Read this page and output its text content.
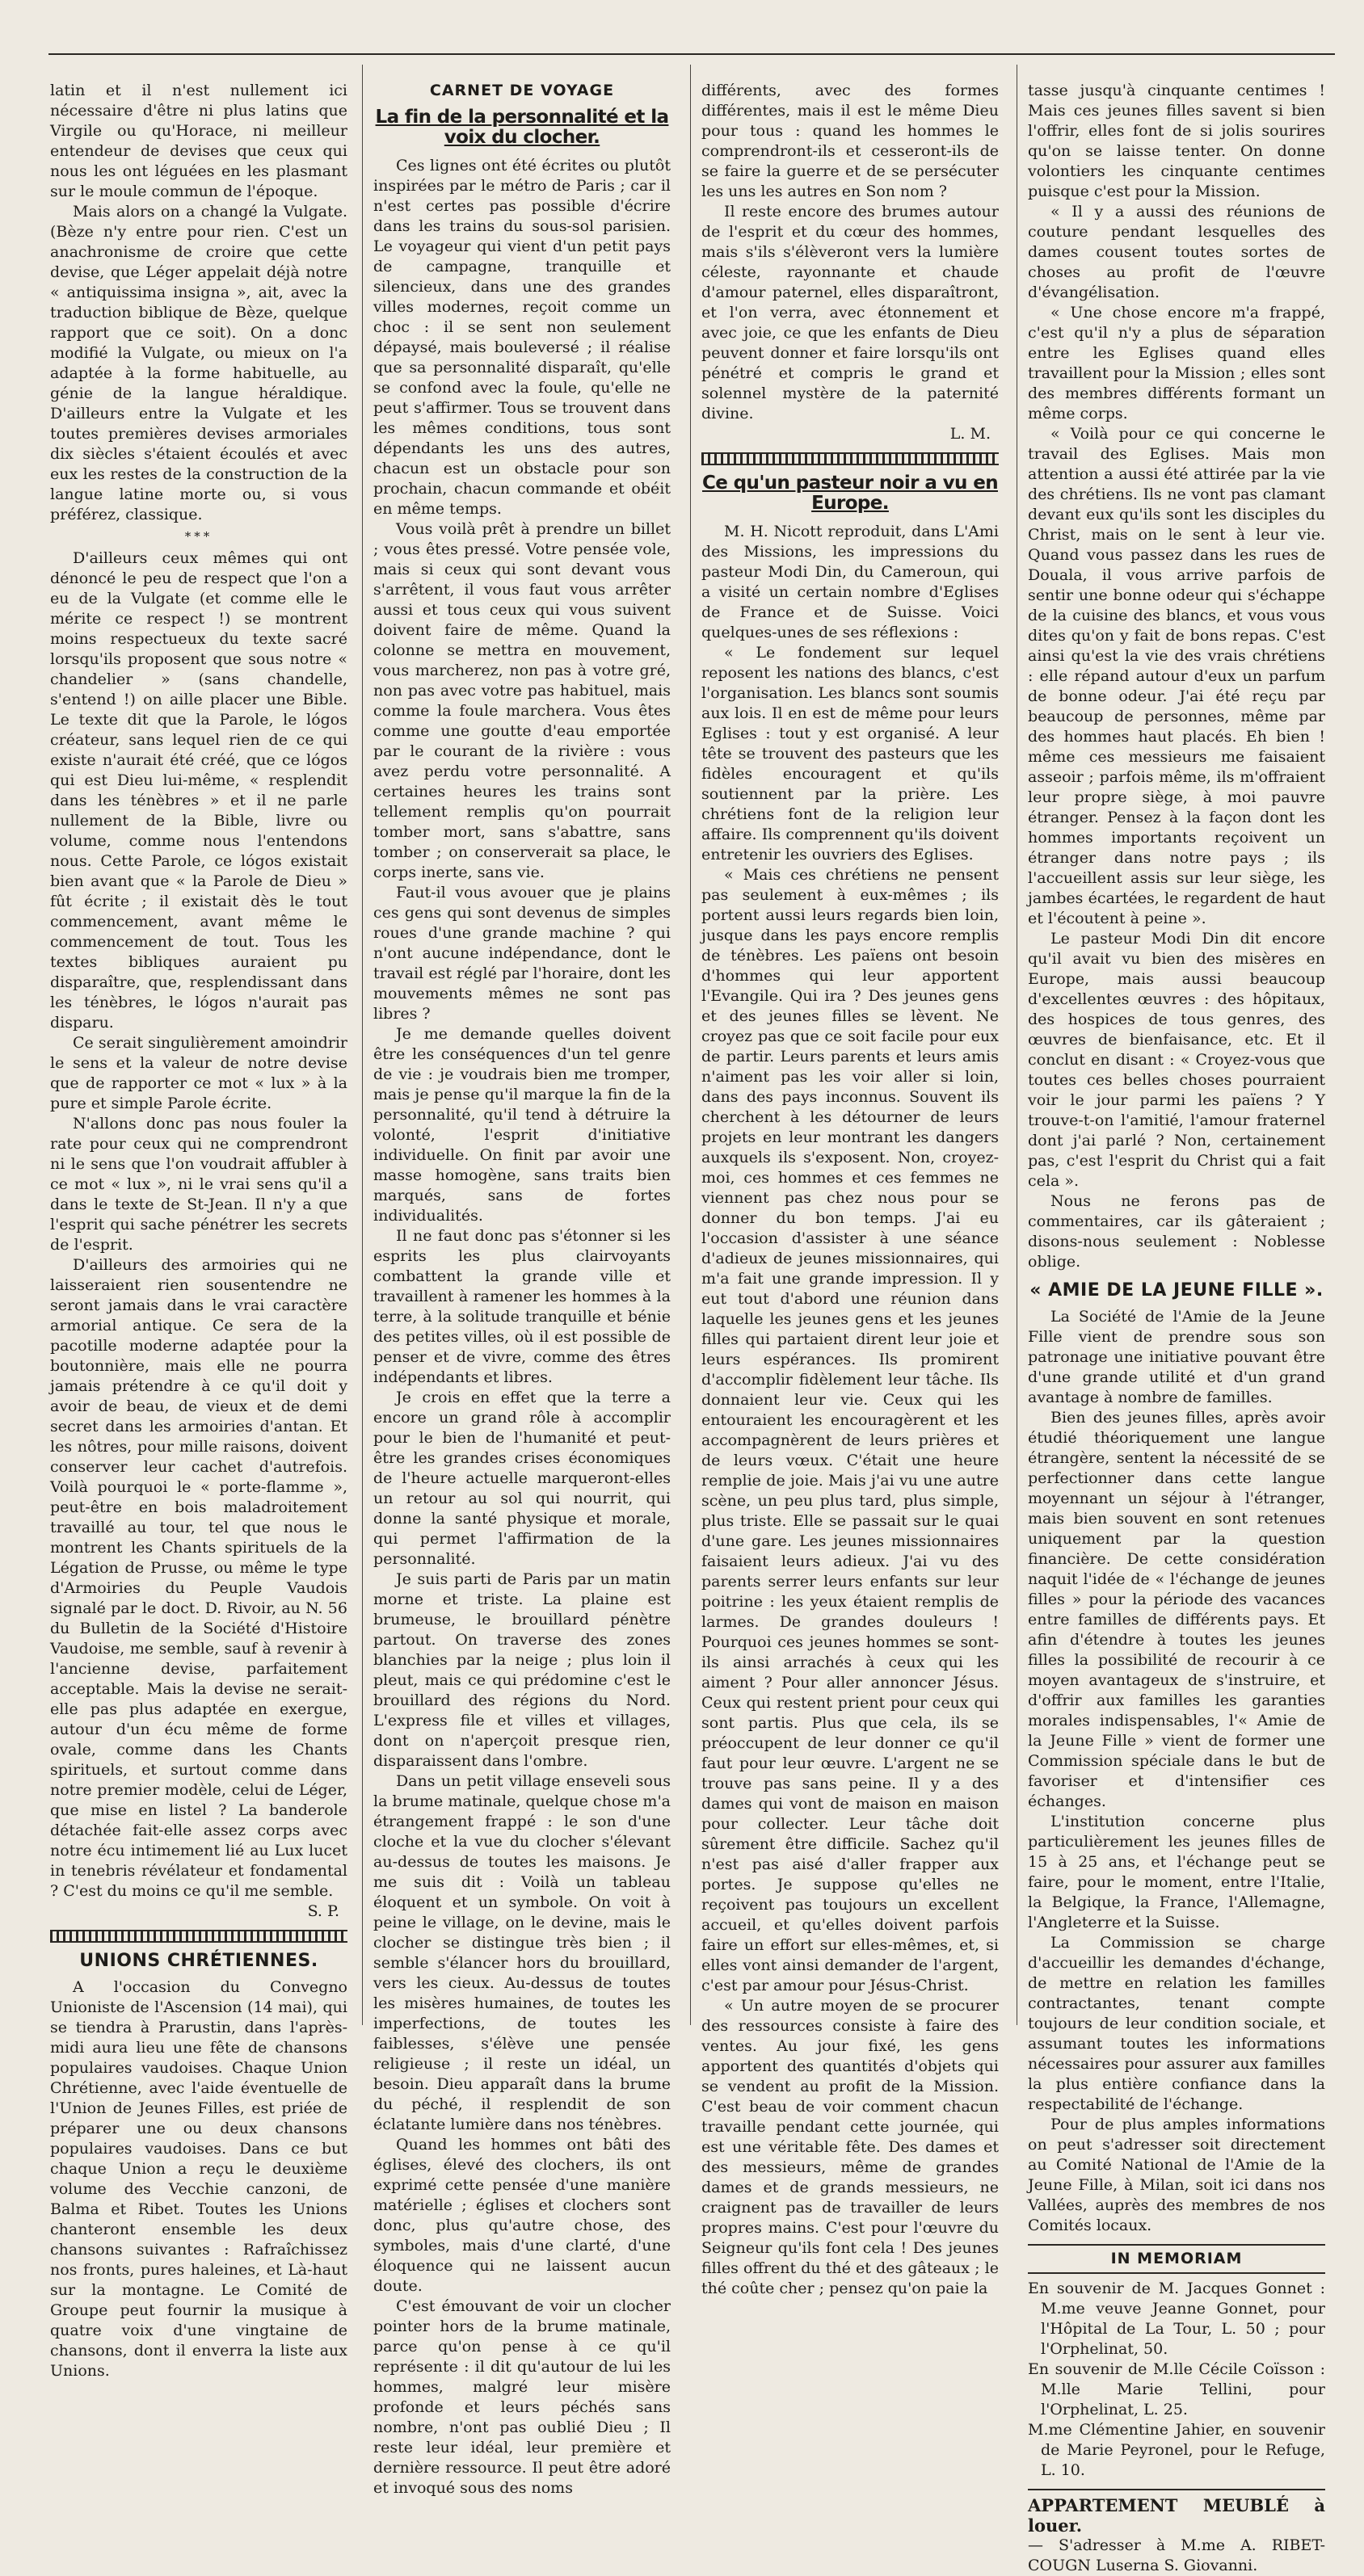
latin et il n'est nullement ici nécessaire d'être ni plus latins que Virgile ou qu'Horace, ni meilleur entendeur de devises que ceux qui nous les ont léguées en les plasmant sur le moule commun de l'époque.

Mais alors on a changé la Vulgate. (Bèze n'y entre pour rien. C'est un anachronisme de croire que cette devise, que Léger appelait déjà notre « antiquissima insigna », ait, avec la traduction biblique de Bèze, quelque rapport que ce soit). On a donc modifié la Vulgate, ou mieux on l'a adaptée à la forme habituelle, au génie de la langue héraldique. D'ailleurs entre la Vulgate et les toutes premières devises armoriales dix siècles s'étaient écoulés et avec eux les restes de la construction de la langue latine morte ou, si vous préférez, classique.

***

D'ailleurs ceux mêmes qui ont dénoncé le peu de respect que l'on a eu de la Vulgate (et comme elle le mérite ce respect !) se montrent moins respectueux du texte sacré lorsqu'ils proposent que sous notre « chandelier » (sans chandelle, s'entend !) on aille placer une Bible. Le texte dit que la Parole, le lógos créateur, sans lequel rien de ce qui existe n'aurait été créé, que ce lógos qui est Dieu lui-même, « resplendit dans les ténèbres » et il ne parle nullement de la Bible, livre ou volume, comme nous l'entendons nous. Cette Parole, ce lógos existait bien avant que « la Parole de Dieu » fût écrite ; il existait dès le tout commencement, avant même le commencement de tout. Tous les textes bibliques auraient pu disparaître, que, resplendissant dans les ténèbres, le lógos n'aurait pas disparu.

Ce serait singulièrement amoindrir le sens et la valeur de notre devise que de rapporter ce mot « lux » à la pure et simple Parole écrite.

N'allons donc pas nous fouler la rate pour ceux qui ne comprendront ni le sens que l'on voudrait affubler à ce mot « lux », ni le vrai sens qu'il a dans le texte de St-Jean. Il n'y a que l'esprit qui sache pénétrer les secrets de l'esprit.

D'ailleurs des armoiries qui ne laisseraient rien sousentendre ne seront jamais dans le vrai caractère armorial antique. Ce sera de la pacotille moderne adaptée pour la boutonnière, mais elle ne pourra jamais prétendre à ce qu'il doit y avoir de beau, de vieux et de demi secret dans les armoiries d'antan. Et les nôtres, pour mille raisons, doivent conserver leur cachet d'autrefois. Voilà pourquoi le « porte-flamme », peut-être en bois maladroitement travaillé au tour, tel que nous le montrent les Chants spirituels de la Légation de Prusse, ou même le type d'Armoiries du Peuple Vaudois signalé par le doct. D. Rivoir, au N. 56 du Bulletin de la Société d'Histoire Vaudoise, me semble, sauf à revenir à l'ancienne devise, parfaitement acceptable. Mais la devise ne serait-elle pas plus adaptée en exergue, autour d'un écu même de forme ovale, comme dans les Chants spirituels, et surtout comme dans notre premier modèle, celui de Léger, que mise en listel ? La banderole détachée fait-elle assez corps avec notre écu intimement lié au Lux lucet in tenebris révélateur et fondamental ? C'est du moins ce qu'il me semble.

S. P.
UNIONS CHRÉTIENNES.

A l'occasion du Convegno Unioniste de l'Ascension (14 mai), qui se tiendra à Prarustin, dans l'après-midi aura lieu une fête de chansons populaires vaudoises. Chaque Union Chrétienne, avec l'aide éventuelle de l'Union de Jeunes Filles, est priée de préparer une ou deux chansons populaires vaudoises. Dans ce but chaque Union a reçu le deuxième volume des Vecchie canzoni, de Balma et Ribet. Toutes les Unions chanteront ensemble les deux chansons suivantes : Rafraîchissez nos fronts, pures haleines, et Là-haut sur la montagne. Le Comité de Groupe peut fournir la musique à quatre voix d'une vingtaine de chansons, dont il enverra la liste aux Unions.

CARNET DE VOYAGE
La fin de la personnalité et la voix du clocher.

Ces lignes ont été écrites ou plutôt inspirées par le métro de Paris ; car il n'est certes pas possible d'écrire dans les trains du sous-sol parisien. Le voyageur qui vient d'un petit pays de campagne, tranquille et silencieux, dans une des grandes villes modernes, reçoit comme un choc : il se sent non seulement dépaysé, mais bouleversé ; il réalise que sa personnalité disparaît, qu'elle se confond avec la foule, qu'elle ne peut s'affirmer. Tous se trouvent dans les mêmes conditions, tous sont dépendants les uns des autres, chacun est un obstacle pour son prochain, chacun commande et obéit en même temps.

Vous voilà prêt à prendre un billet ; vous êtes pressé. Votre pensée vole, mais si ceux qui sont devant vous s'arrêtent, il vous faut vous arrêter aussi et tous ceux qui vous suivent doivent faire de même. Quand la colonne se mettra en mouvement, vous marcherez, non pas à votre gré, non pas avec votre pas habituel, mais comme la foule marchera. Vous êtes comme une goutte d'eau emportée par le courant de la rivière : vous avez perdu votre personnalité. A certaines heures les trains sont tellement remplis qu'on pourrait tomber mort, sans s'abattre, sans tomber ; on conserverait sa place, le corps inerte, sans vie.

Faut-il vous avouer que je plains ces gens qui sont devenus de simples roues d'une grande machine ? qui n'ont aucune indépendance, dont le travail est réglé par l'horaire, dont les mouvements mêmes ne sont pas libres ?

Je me demande quelles doivent être les conséquences d'un tel genre de vie : je voudrais bien me tromper, mais je pense qu'il marque la fin de la personnalité, qu'il tend à détruire la volonté, l'esprit d'initiative individuelle. On finit par avoir une masse homogène, sans traits bien marqués, sans de fortes individualités.

Il ne faut donc pas s'étonner si les esprits les plus clairvoyants combattent la grande ville et travaillent à ramener les hommes à la terre, à la solitude tranquille et bénie des petites villes, où il est possible de penser et de vivre, comme des êtres indépendants et libres.

Je crois en effet que la terre a encore un grand rôle à accomplir pour le bien de l'humanité et peut-être les grandes crises économiques de l'heure actuelle marqueront-elles un retour au sol qui nourrit, qui donne la santé physique et morale, qui permet l'affirmation de la personnalité.

Je suis parti de Paris par un matin morne et triste. La plaine est brumeuse, le brouillard pénètre partout. On traverse des zones blanchies par la neige ; plus loin il pleut, mais ce qui prédomine c'est le brouillard des régions du Nord. L'express file et villes et villages, dont on n'aperçoit presque rien, disparaissent dans l'ombre.

Dans un petit village enseveli sous la brume matinale, quelque chose m'a étrangement frappé : le son d'une cloche et la vue du clocher s'élevant au-dessus de toutes les maisons. Je me suis dit : Voilà un tableau éloquent et un symbole. On voit à peine le village, on le devine, mais le clocher se distingue très bien ; il semble s'élancer hors du brouillard, vers les cieux. Au-dessus de toutes les misères humaines, de toutes les imperfections, de toutes les faiblesses, s'élève une pensée religieuse ; il reste un idéal, un besoin. Dieu apparaît dans la brume du péché, il resplendit de son éclatante lumière dans nos ténèbres.

Quand les hommes ont bâti des églises, élevé des clochers, ils ont exprimé cette pensée d'une manière matérielle ; églises et clochers sont donc, plus qu'autre chose, des symboles, mais d'une clarté, d'une éloquence qui ne laissent aucun doute.

C'est émouvant de voir un clocher pointer hors de la brume matinale, parce qu'on pense à ce qu'il représente : il dit qu'autour de lui les hommes, malgré leur misère profonde et leurs péchés sans nombre, n'ont pas oublié Dieu ; Il reste leur idéal, leur première et dernière ressource. Il peut être adoré et invoqué sous des noms

différents, avec des formes différentes, mais il est le même Dieu pour tous : quand les hommes le comprendront-ils et cesseront-ils de se faire la guerre et de se persécuter les uns les autres en Son nom ?

Il reste encore des brumes autour de l'esprit et du cœur des hommes, mais s'ils s'élèveront vers la lumière céleste, rayonnante et chaude d'amour paternel, elles disparaîtront, et l'on verra, avec étonnement et avec joie, ce que les enfants de Dieu peuvent donner et faire lorsqu'ils ont pénétré et compris le grand et solennel mystère de la paternité divine.

L. M.
Ce qu'un pasteur noir a vu en Europe.

M. H. Nicott reproduit, dans L'Ami des Missions, les impressions du pasteur Modi Din, du Cameroun, qui a visité un certain nombre d'Eglises de France et de Suisse. Voici quelques-unes de ses réflexions :

« Le fondement sur lequel reposent les nations des blancs, c'est l'organisation. Les blancs sont soumis aux lois. Il en est de même pour leurs Eglises : tout y est organisé. A leur tête se trouvent des pasteurs que les fidèles encouragent et qu'ils soutiennent par la prière. Les chrétiens font de la religion leur affaire. Ils comprennent qu'ils doivent entretenir les ouvriers des Eglises.

« Mais ces chrétiens ne pensent pas seulement à eux-mêmes ; ils portent aussi leurs regards bien loin, jusque dans les pays encore remplis de ténèbres. Les païens ont besoin d'hommes qui leur apportent l'Evangile. Qui ira ? Des jeunes gens et des jeunes filles se lèvent. Ne croyez pas que ce soit facile pour eux de partir. Leurs parents et leurs amis n'aiment pas les voir aller si loin, dans des pays inconnus. Souvent ils cherchent à les détourner de leurs projets en leur montrant les dangers auxquels ils s'exposent. Non, croyez-moi, ces hommes et ces femmes ne viennent pas chez nous pour se donner du bon temps. J'ai eu l'occasion d'assister à une séance d'adieux de jeunes missionnaires, qui m'a fait une grande impression. Il y eut tout d'abord une réunion dans laquelle les jeunes gens et les jeunes filles qui partaient dirent leur joie et leurs espérances. Ils promirent d'accomplir fidèlement leur tâche. Ils donnaient leur vie. Ceux qui les entouraient les encouragèrent et les accompagnèrent de leurs prières et de leurs vœux. C'était une heure remplie de joie. Mais j'ai vu une autre scène, un peu plus tard, plus simple, plus triste. Elle se passait sur le quai d'une gare. Les jeunes missionnaires faisaient leurs adieux. J'ai vu des parents serrer leurs enfants sur leur poitrine : les yeux étaient remplis de larmes. De grandes douleurs ! Pourquoi ces jeunes hommes se sont-ils ainsi arrachés à ceux qui les aiment ? Pour aller annoncer Jésus. Ceux qui restent prient pour ceux qui sont partis. Plus que cela, ils se préoccupent de leur donner ce qu'il faut pour leur œuvre. L'argent ne se trouve pas sans peine. Il y a des dames qui vont de maison en maison pour collecter. Leur tâche doit sûrement être difficile. Sachez qu'il n'est pas aisé d'aller frapper aux portes. Je suppose qu'elles ne reçoivent pas toujours un excellent accueil, et qu'elles doivent parfois faire un effort sur elles-mêmes, et, si elles vont ainsi demander de l'argent, c'est par amour pour Jésus-Christ.

« Un autre moyen de se procurer des ressources consiste à faire des ventes. Au jour fixé, les gens apportent des quantités d'objets qui se vendent au profit de la Mission. C'est beau de voir comment chacun travaille pendant cette journée, qui est une véritable fête. Des dames et des messieurs, même de grandes dames et de grands messieurs, ne craignent pas de travailler de leurs propres mains. C'est pour l'œuvre du Seigneur qu'ils font cela ! Des jeunes filles offrent du thé et des gâteaux ; le thé coûte cher ; pensez qu'on paie la

tasse jusqu'à cinquante centimes ! Mais ces jeunes filles savent si bien l'offrir, elles font de si jolis sourires qu'on se laisse tenter. On donne volontiers les cinquante centimes puisque c'est pour la Mission.

« Il y a aussi des réunions de couture pendant lesquelles des dames cousent toutes sortes de choses au profit de l'œuvre d'évangélisation.

« Une chose encore m'a frappé, c'est qu'il n'y a plus de séparation entre les Eglises quand elles travaillent pour la Mission ; elles sont des membres différents formant un même corps.

« Voilà pour ce qui concerne le travail des Eglises. Mais mon attention a aussi été attirée par la vie des chrétiens. Ils ne vont pas clamant devant eux qu'ils sont les disciples du Christ, mais on le sent à leur vie. Quand vous passez dans les rues de Douala, il vous arrive parfois de sentir une bonne odeur qui s'échappe de la cuisine des blancs, et vous vous dites qu'on y fait de bons repas. C'est ainsi qu'est la vie des vrais chrétiens : elle répand autour d'eux un parfum de bonne odeur. J'ai été reçu par beaucoup de personnes, même par des hommes haut placés. Eh bien ! même ces messieurs me faisaient asseoir ; parfois même, ils m'offraient leur propre siège, à moi pauvre étranger. Pensez à la façon dont les hommes importants reçoivent un étranger dans notre pays ; ils l'accueillent assis sur leur siège, les jambes écartées, le regardent de haut et l'écoutent à peine ».

Le pasteur Modi Din dit encore qu'il avait vu bien des misères en Europe, mais aussi beaucoup d'excellentes œuvres : des hôpitaux, des hospices de tous genres, des œuvres de bienfaisance, etc. Et il conclut en disant : « Croyez-vous que toutes ces belles choses pourraient voir le jour parmi les païens ? Y trouve-t-on l'amitié, l'amour fraternel dont j'ai parlé ? Non, certainement pas, c'est l'esprit du Christ qui a fait cela ».

Nous ne ferons pas de commentaires, car ils gâteraient ; disons-nous seulement : Noblesse oblige.

« AMIE DE LA JEUNE FILLE ».

La Société de l'Amie de la Jeune Fille vient de prendre sous son patronage une initiative pouvant être d'une grande utilité et d'un grand avantage à nombre de familles.

Bien des jeunes filles, après avoir étudié théoriquement une langue étrangère, sentent la nécessité de se perfectionner dans cette langue moyennant un séjour à l'étranger, mais bien souvent en sont retenues uniquement par la question financière. De cette considération naquit l'idée de « l'échange de jeunes filles » pour la période des vacances entre familles de différents pays. Et afin d'étendre à toutes les jeunes filles la possibilité de recourir à ce moyen avantageux de s'instruire, et d'offrir aux familles les garanties morales indispensables, l'« Amie de la Jeune Fille » vient de former une Commission spéciale dans le but de favoriser et d'intensifier ces échanges.

L'institution concerne plus particulièrement les jeunes filles de 15 à 25 ans, et l'échange peut se faire, pour le moment, entre l'Italie, la Belgique, la France, l'Allemagne, l'Angleterre et la Suisse.

La Commission se charge d'accueillir les demandes d'échange, de mettre en relation les familles contractantes, tenant compte toujours de leur condition sociale, et assumant toutes les informations nécessaires pour assurer aux familles la plus entière confiance dans la respectabilité de l'échange.

Pour de plus amples informations on peut s'adresser soit directement au Comité National de l'Amie de la Jeune Fille, à Milan, soit ici dans nos Vallées, auprès des membres de nos Comités locaux.

IN MEMORIAM

En souvenir de M. Jacques Gonnet : M.me veuve Jeanne Gonnet, pour l'Hôpital de La Tour, L. 50 ; pour l'Orphelinat, 50.

En souvenir de M.lle Cécile Coïsson : M.lle Marie Tellini, pour l'Orphelinat, L. 25.

M.me Clémentine Jahier, en souvenir de Marie Peyronel, pour le Refuge, L. 10.

APPARTEMENT MEUBLÉ à louer.

— S'adresser à M.me A. RIBET-COUGN Luserna S. Giovanni.
